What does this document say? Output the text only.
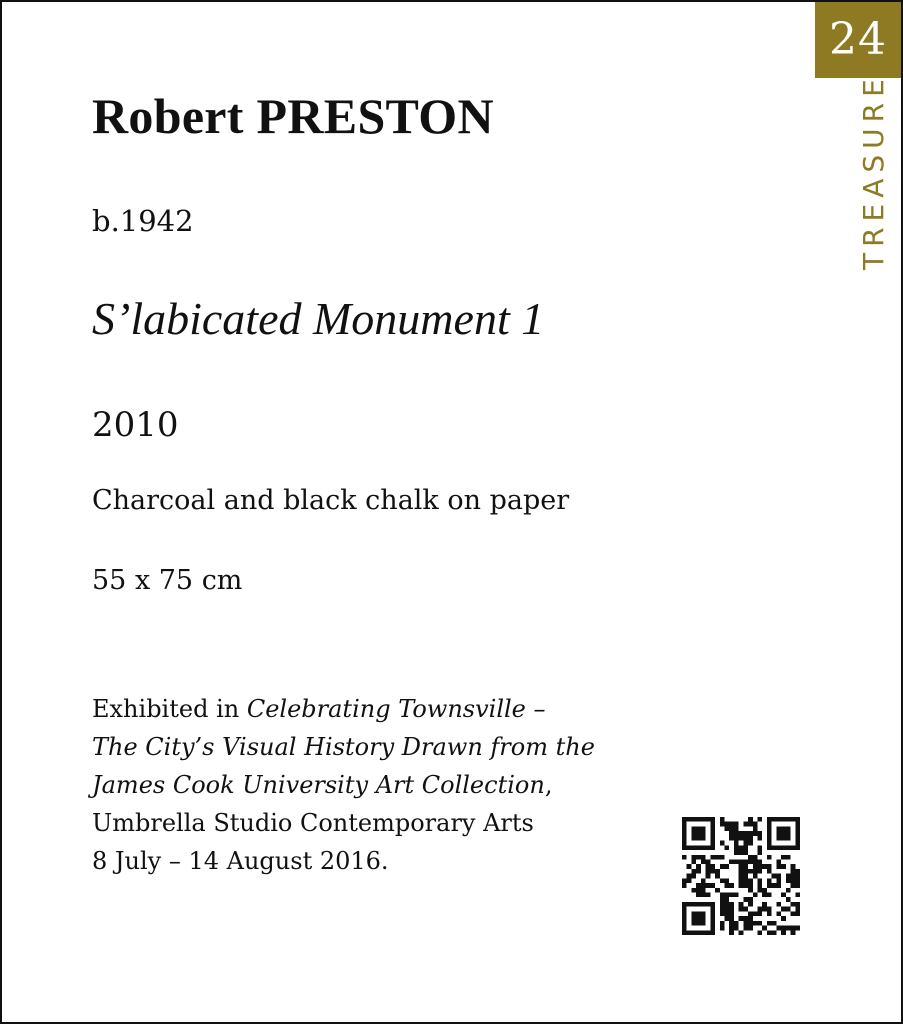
24
TREASURE
Robert PRESTON
b.1942
S’labicated Monument 1
2010
Charcoal and black chalk on paper
55 x 75 cm
Exhibited in Celebrating Townsville –
The City’s Visual History Drawn from the
James Cook University Art Collection,
Umbrella Studio Contemporary Arts
8 July – 14 August 2016.
